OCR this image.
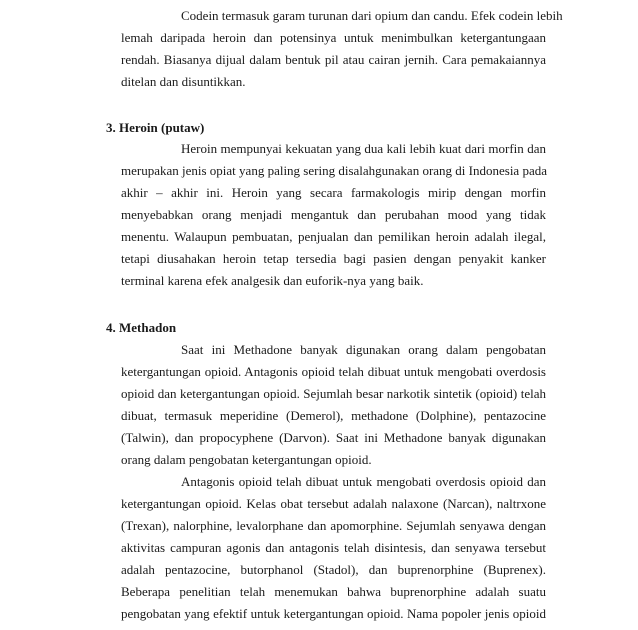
Codein termasuk garam turunan dari opium dan candu. Efek codein lebih
lemah daripada heroin dan potensinya untuk menimbulkan ketergantungaan
rendah. Biasanya dijual dalam bentuk pil atau cairan jernih. Cara pemakaiannya
ditelan dan disuntikkan.
3. Heroin (putaw)
Heroin mempunyai kekuatan yang dua kali lebih kuat dari morfin dan
merupakan jenis opiat yang paling sering disalahgunakan orang di Indonesia pada
akhir – akhir ini. Heroin yang secara farmakologis mirip dengan morfin
menyebabkan orang menjadi mengantuk dan perubahan mood yang tidak
menentu. Walaupun pembuatan, penjualan dan pemilikan heroin adalah ilegal,
tetapi diusahakan heroin tetap tersedia bagi pasien dengan penyakit kanker
terminal karena efek analgesik dan euforik-nya yang baik.
4. Methadon
Saat ini Methadone banyak digunakan orang dalam pengobatan
ketergantungan opioid. Antagonis opioid telah dibuat untuk mengobati overdosis
opioid dan ketergantungan opioid. Sejumlah besar narkotik sintetik (opioid) telah
dibuat, termasuk meperidine (Demerol), methadone (Dolphine), pentazocine
(Talwin), dan propocyphene (Darvon). Saat ini Methadone banyak digunakan
orang dalam pengobatan ketergantungan opioid.
Antagonis opioid telah dibuat untuk mengobati overdosis opioid dan
ketergantungan opioid. Kelas obat tersebut adalah nalaxone (Narcan), naltrxone
(Trexan), nalorphine, levalorphane dan apomorphine. Sejumlah senyawa dengan
aktivitas campuran agonis dan antagonis telah disintesis, dan senyawa tersebut
adalah pentazocine, butorphanol (Stadol), dan buprenorphine (Buprenex).
Beberapa penelitian telah menemukan bahwa buprenorphine adalah suatu
pengobatan yang efektif untuk ketergantungan opioid. Nama popoler jenis opioid
